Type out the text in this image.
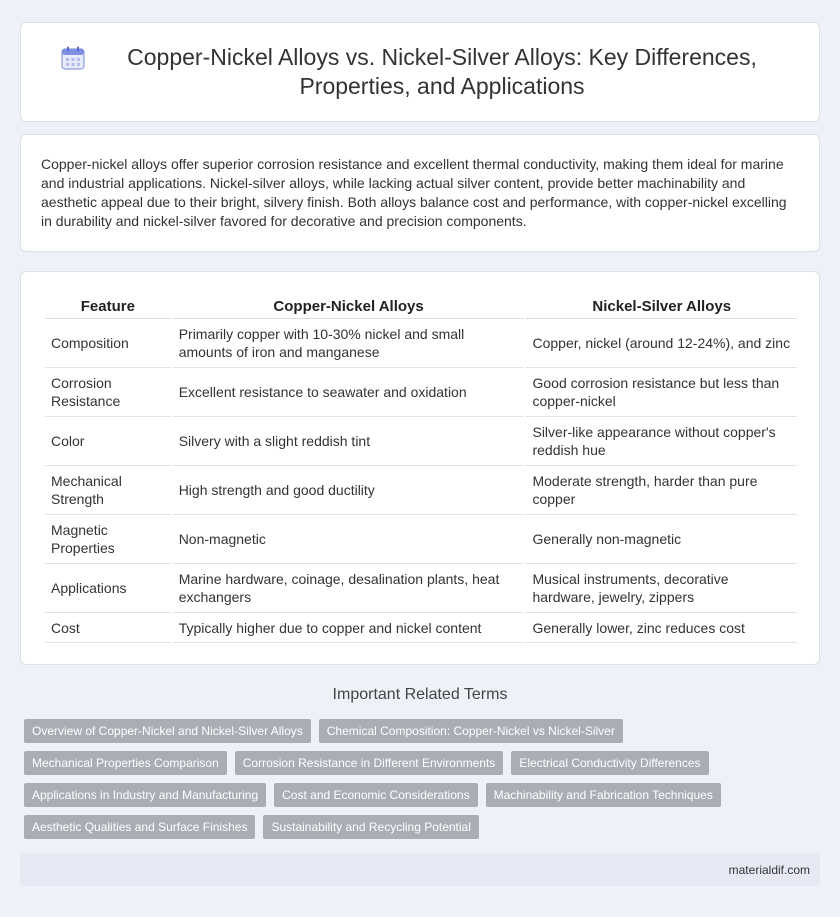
Copper-Nickel Alloys vs. Nickel-Silver Alloys: Key Differences, Properties, and Applications

Copper-nickel alloys offer superior corrosion resistance and excellent thermal conductivity, making them ideal for marine and industrial applications. Nickel-silver alloys, while lacking actual silver content, provide better machinability and aesthetic appeal due to their bright, silvery finish. Both alloys balance cost and performance, with copper-nickel excelling in durability and nickel-silver favored for decorative and precision components.

Feature	Copper-Nickel Alloys	Nickel-Silver Alloys
Composition	Primarily copper with 10-30% nickel and small amounts of iron and manganese	Copper, nickel (around 12-24%), and zinc
Corrosion Resistance	Excellent resistance to seawater and oxidation	Good corrosion resistance but less than copper-nickel
Color	Silvery with a slight reddish tint	Silver-like appearance without copper's reddish hue
Mechanical Strength	High strength and good ductility	Moderate strength, harder than pure copper
Magnetic Properties	Non-magnetic	Generally non-magnetic
Applications	Marine hardware, coinage, desalination plants, heat exchangers	Musical instruments, decorative hardware, jewelry, zippers
Cost	Typically higher due to copper and nickel content	Generally lower, zinc reduces cost
Important Related Terms
Overview of Copper-Nickel and Nickel-Silver Alloys	Chemical Composition: Copper-Nickel vs Nickel-Silver
Mechanical Properties Comparison	Corrosion Resistance in Different Environments	Electrical Conductivity Differences
Applications in Industry and Manufacturing	Cost and Economic Considerations	Machinability and Fabrication Techniques
Aesthetic Qualities and Surface Finishes	Sustainability and Recycling Potential
materialdif.com
